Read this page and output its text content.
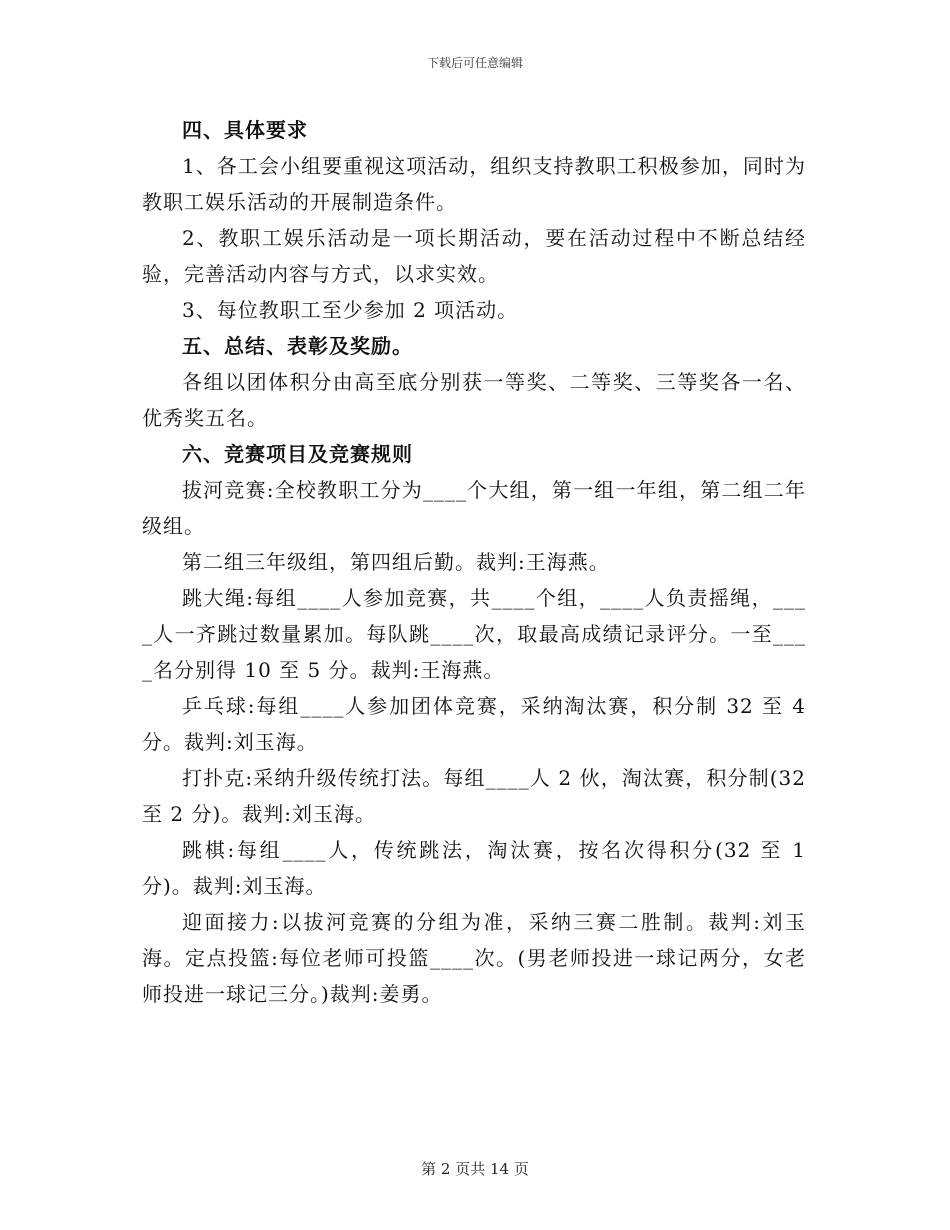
下载后可任意编辑

四、具体要求

1、各工会小组要重视这项活动，组织支持教职工积极参加，同时为教职工娱乐活动的开展制造条件。

2、教职工娱乐活动是一项长期活动，要在活动过程中不断总结经验，完善活动内容与方式，以求实效。

3、每位教职工至少参加 2 项活动。

五、总结、表彰及奖励。

各组以团体积分由高至底分别获一等奖、二等奖、三等奖各一名、优秀奖五名。

六、竞赛项目及竞赛规则

拔河竞赛:全校教职工分为____个大组，第一组一年组，第二组二年级组。

第二组三年级组，第四组后勤。裁判:王海燕。

跳大绳:每组____人参加竞赛，共____个组，____人负责摇绳，____人一齐跳过数量累加。每队跳____次，取最高成绩记录评分。一至____名分别得 10 至 5 分。裁判:王海燕。

乒乓球:每组____人参加团体竞赛，采纳淘汰赛，积分制 32 至 4 分。裁判:刘玉海。

打扑克:采纳升级传统打法。每组____人 2 伙，淘汰赛，积分制(32 至 2 分)。裁判:刘玉海。

跳棋:每组____人，传统跳法，淘汰赛，按名次得积分(32 至 1 分)。裁判:刘玉海。

迎面接力:以拔河竞赛的分组为准，采纳三赛二胜制。裁判:刘玉海。定点投篮:每位老师可投篮____次。(男老师投进一球记两分，女老师投进一球记三分。)裁判:姜勇。

第 2 页共 14 页
